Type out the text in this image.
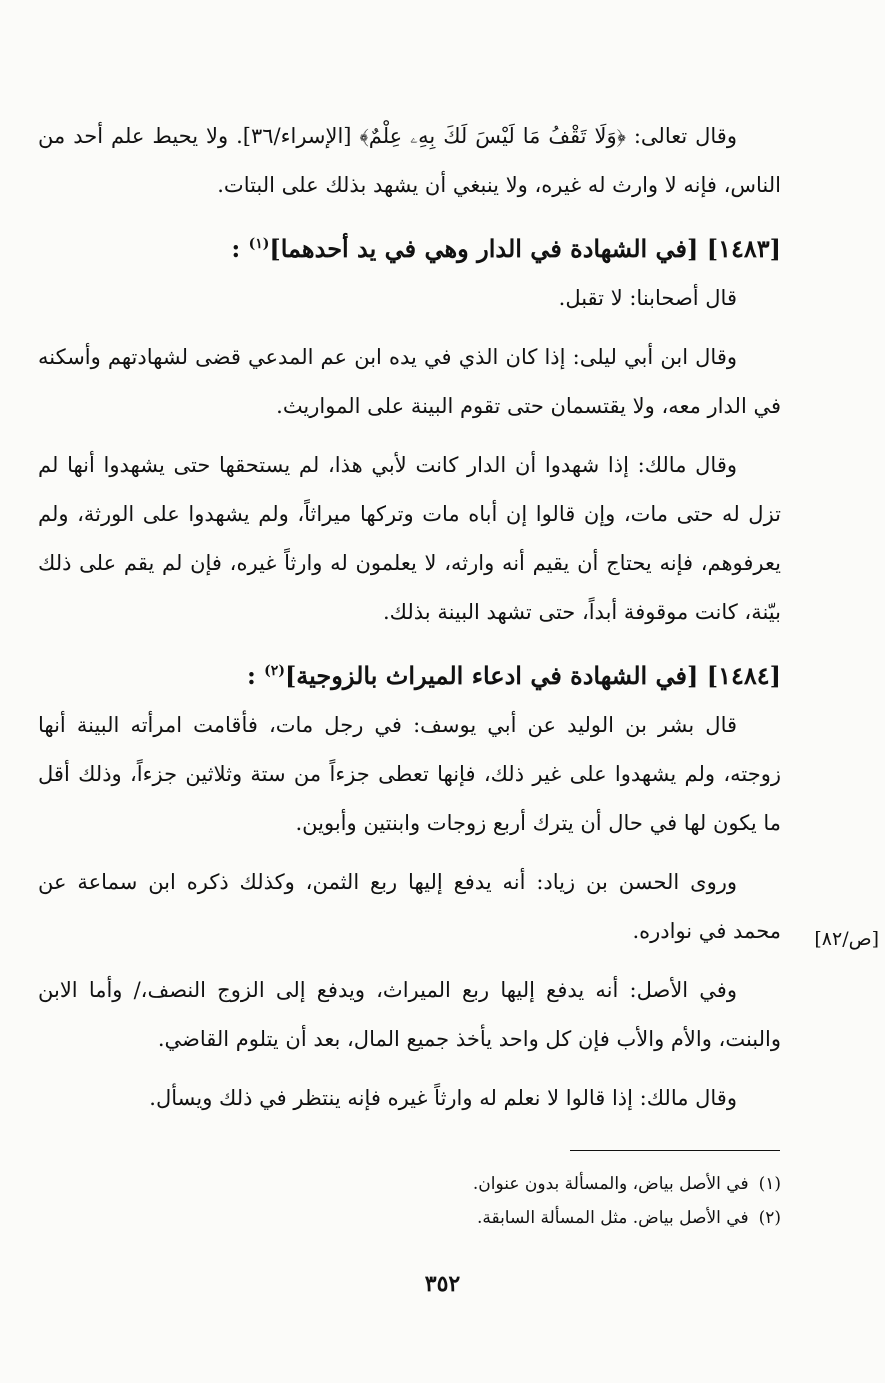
وقال تعالى: ﴿وَلَا تَقْفُ مَا لَيْسَ لَكَ بِهِۦ عِلْمٌ﴾ [الإسراء/٣٦]. ولا يحيط علم أحد من الناس، فإنه لا وارث له غيره، ولا ينبغي أن يشهد بذلك على البتات.

[١٤٨٣] [في الشهادة في الدار وهي في يد أحدهما]$^{(١)}$ :

قال أصحابنا: لا تقبل.

وقال ابن أبي ليلى: إذا كان الذي في يده ابن عم المدعي قضى لشهادتهم وأسكنه في الدار معه، ولا يقتسمان حتى تقوم البينة على المواريث.

وقال مالك: إذا شهدوا أن الدار كانت لأبي هذا، لم يستحقها حتى يشهدوا أنها لم تزل له حتى مات، وإن قالوا إن أباه مات وتركها ميراثاً، ولم يشهدوا على الورثة، ولم يعرفوهم، فإنه يحتاج أن يقيم أنه وارثه، لا يعلمون له وارثاً غيره، فإن لم يقم على ذلك بيّنة، كانت موقوفة أبداً، حتى تشهد البينة بذلك.

[١٤٨٤] [في الشهادة في ادعاء الميراث بالزوجية]$^{(٢)}$ :

قال بشر بن الوليد عن أبي يوسف: في رجل مات، فأقامت امرأته البينة أنها زوجته، ولم يشهدوا على غير ذلك، فإنها تعطى جزءاً من ستة وثلاثين جزءاً، وذلك أقل ما يكون لها في حال أن يترك أربع زوجات وابنتين وأبوين.

وروى الحسن بن زياد: أنه يدفع إليها ربع الثمن، وكذلك ذكره ابن سماعة عن محمد في نوادره.

وفي الأصل: أنه يدفع إليها ربع الميراث، ويدفع إلى الزوج النصف،/ وأما الابن والبنت، والأم والأب فإن كل واحد يأخذ جميع المال، بعد أن يتلوم القاضي.

وقال مالك: إذا قالوا لا نعلم له وارثاً غيره فإنه ينتظر في ذلك ويسأل.

[ص/٨٢]
(١)في الأصل بياض، والمسألة بدون عنوان.
(٢)في الأصل بياض. مثل المسألة السابقة.
٣٥٢
